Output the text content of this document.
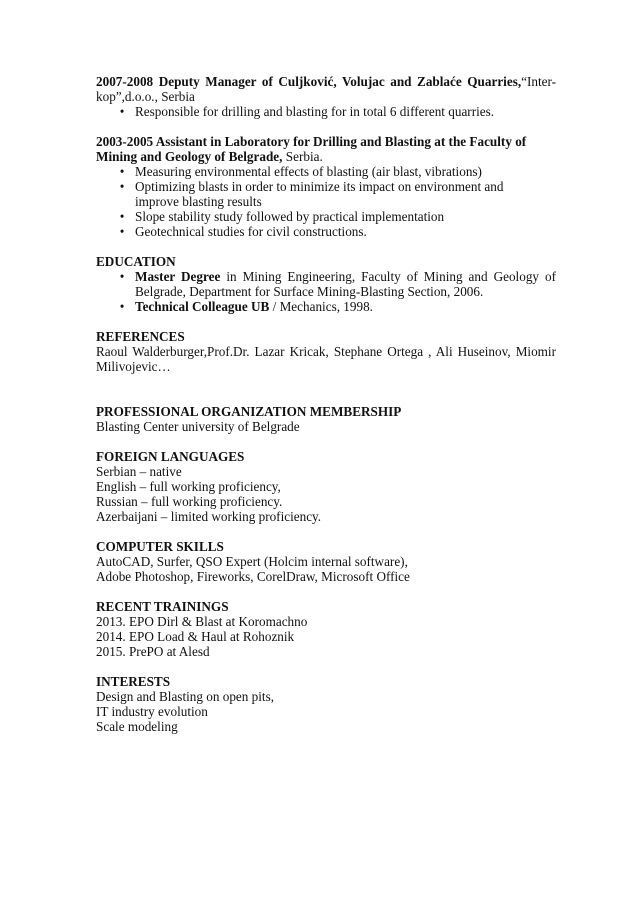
2007-2008 Deputy Manager of Culjković, Volujac and Zablaće Quarries,“Inter-
kop”,d.o.o., Serbia
• Responsible for drilling and blasting for in total 6 different quarries.
2003-2005 Assistant in Laboratory for Drilling and Blasting at the Faculty of
Mining and Geology of Belgrade, Serbia.
• Measuring environmental effects of blasting (air blast, vibrations)
• Optimizing blasts in order to minimize its impact on environment and improve blasting results
• Slope stability study followed by practical implementation
• Geotechnical studies for civil constructions.
EDUCATION
• Master Degree in Mining Engineering, Faculty of Mining and Geology of Belgrade, Department for Surface Mining-Blasting Section, 2006.
• Technical Colleague UB / Mechanics, 1998.
REFERENCES
Raoul Walderburger,Prof.Dr. Lazar Kricak, Stephane Ortega , Ali Huseinov, Miomir Milivojevic…
PROFESSIONAL ORGANIZATION MEMBERSHIP
Blasting Center university of Belgrade
FOREIGN LANGUAGES
Serbian – native
English – full working proficiency,
Russian – full working proficiency.
Azerbaijani – limited working proficiency.
COMPUTER SKILLS
AutoCAD, Surfer, QSO Expert (Holcim internal software),
Adobe Photoshop, Fireworks, CorelDraw, Microsoft Office
RECENT TRAININGS
2013. EPO Dirl & Blast at Koromachno
2014. EPO Load & Haul at Rohoznik
2015. PrePO at Alesd
INTERESTS
Design and Blasting on open pits,
IT industry evolution
Scale modeling
